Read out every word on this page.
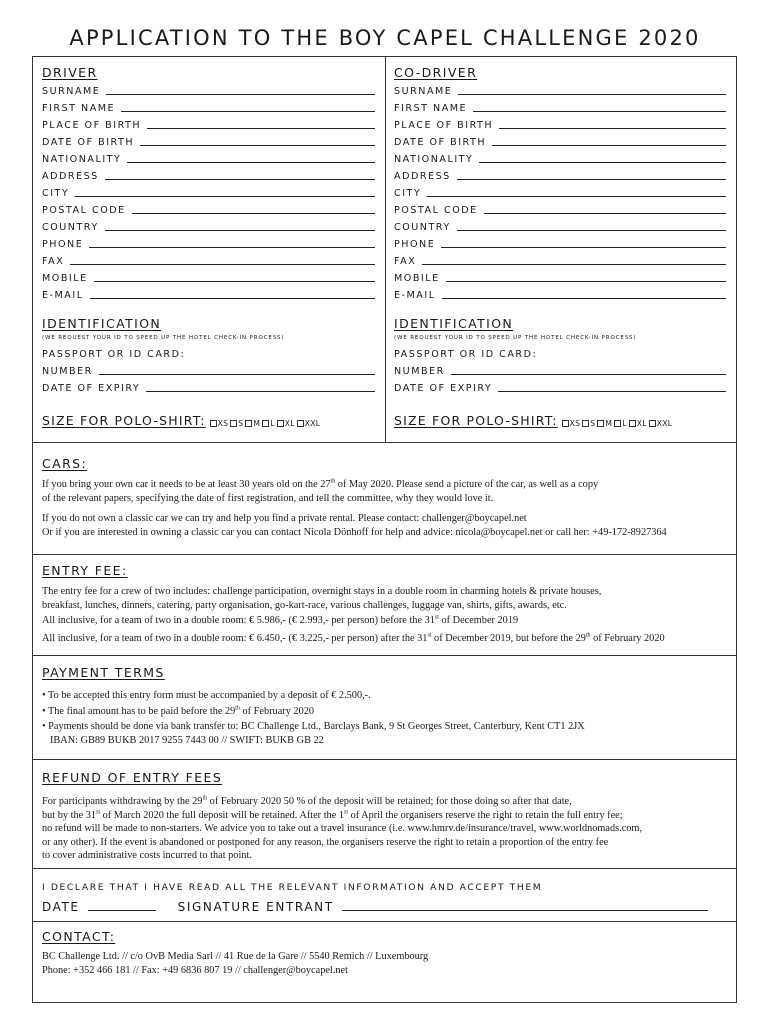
APPLICATION TO THE BOY CAPEL CHALLENGE 2020
DRIVER
SURNAME
FIRST NAME
PLACE OF BIRTH
DATE OF BIRTH
NATIONALITY
ADDRESS
CITY
POSTAL CODE
COUNTRY
PHONE
FAX
MOBILE
E-MAIL
IDENTIFICATION
(WE REQUEST YOUR ID TO SPEED UP THE HOTEL CHECK-IN PROCESS)
PASSPORT OR ID CARD:
NUMBER
DATE OF EXPIRY
SIZE FOR POLO-SHIRT: XS S M L XL XXL
CO-DRIVER
SURNAME
FIRST NAME
PLACE OF BIRTH
DATE OF BIRTH
NATIONALITY
ADDRESS
CITY
POSTAL CODE
COUNTRY
PHONE
FAX
MOBILE
E-MAIL
IDENTIFICATION
(WE REQUEST YOUR ID TO SPEED UP THE HOTEL CHECK-IN PROCESS)
PASSPORT OR ID CARD:
NUMBER
DATE OF EXPIRY
SIZE FOR POLO-SHIRT: XS S M L XL XXL
CARS:

If you bring your own car it needs to be at least 30 years old on the 27th of May 2020. Please send a picture of the car, as well as a copy

of the relevant papers, specifying the date of first registration, and tell the committee, why they would love it.

If you do not own a classic car we can try and help you find a private rental. Please contact: challenger@boycapel.net

Or if you are interested in owning a classic car you can contact Nicola Dönhoff for help and advice: nicola@boycapel.net or call her: +49-172-8927364

ENTRY FEE:

The entry fee for a crew of two includes: challenge participation, overnight stays in a double room in charming hotels & private houses,

breakfast, lunches, dinners, catering, party organisation, go-kart-race, various challenges, luggage van, shirts, gifts, awards, etc.

All inclusive, for a team of two in a double room: € 5.986,- (€ 2.993,- per person) before the 31st of December 2019

All inclusive, for a team of two in a double room: € 6.450,- (€ 3.225,- per person) after the 31st of December 2019, but before the 29th of February 2020

PAYMENT TERMS

• To be accepted this entry form must be accompanied by a deposit of € 2.500,-.

• The final amount has to be paid before the 29th of February 2020

• Payments should be done via bank transfer to: BC Challenge Ltd., Barclays Bank, 9 St Georges Street, Canterbury, Kent CT1 2JX

IBAN: GB89 BUKB 2017 9255 7443 00 // SWIFT: BUKB GB 22

REFUND OF ENTRY FEES

For participants withdrawing by the 29th of February 2020 50 % of the deposit will be retained; for those doing so after that date,

but by the 31st of March 2020 the full deposit will be retained. After the 1st of April the organisers reserve the right to retain the full entry fee;

no refund will be made to non-starters. We advice you to take out a travel insurance (i.e. www.hmrv.de/insurance/travel, www.worldnomads.com,

or any other). If the event is abandoned or postponed for any reason, the organisers reserve the right to retain a proportion of the entry fee

to cover administrative costs incurred to that point.

I DECLARE THAT I HAVE READ ALL THE RELEVANT INFORMATION AND ACCEPT THEM
DATE	SIGNATURE ENTRANT
CONTACT:

BC Challenge Ltd. // c/o OvB Media Sarl // 41 Rue de la Gare // 5540 Remich // Luxembourg

Phone: +352 466 181 // Fax: +49 6836 807 19 // challenger@boycapel.net
